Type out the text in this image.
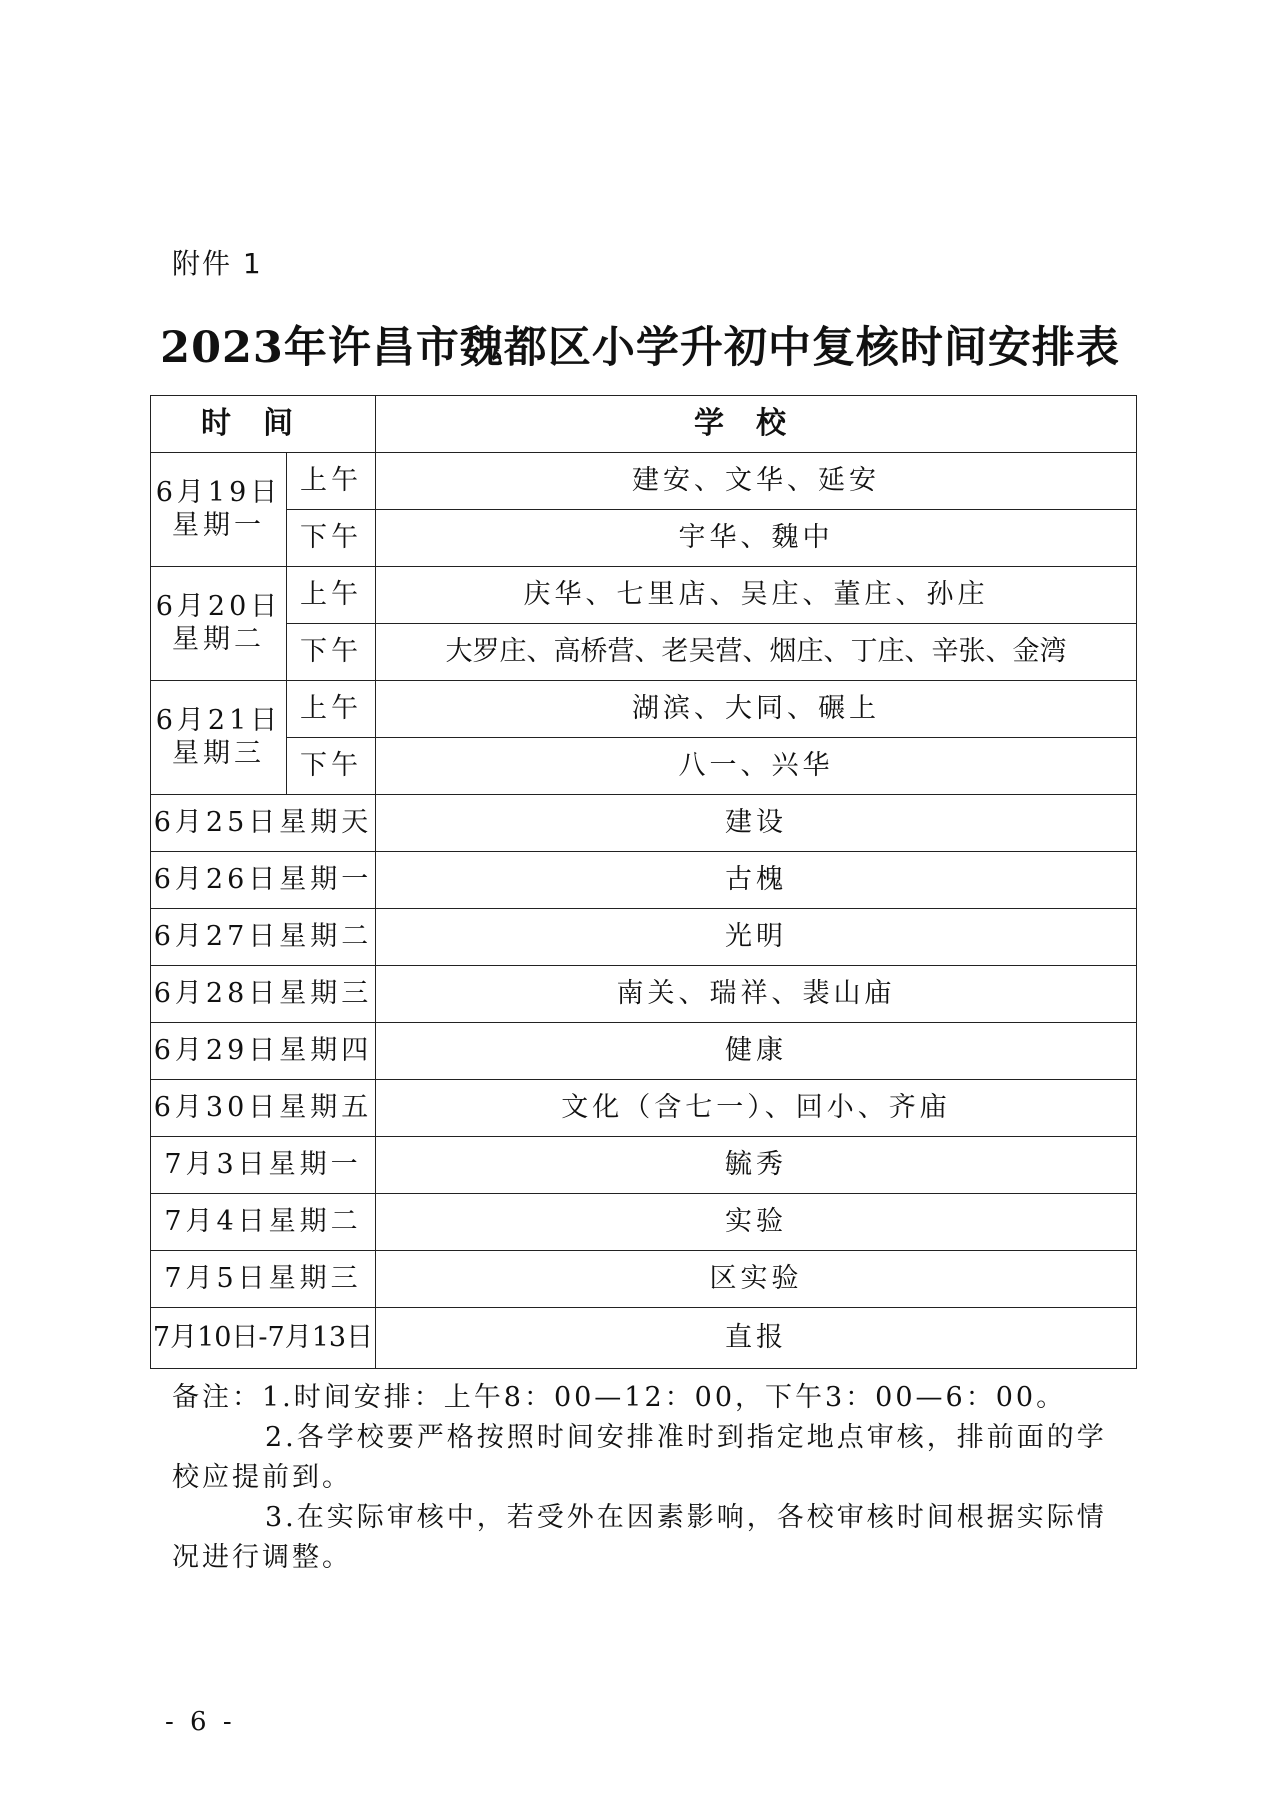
附件 1
2023年许昌市魏都区小学升初中复核时间安排表
时间		学校

6月19日
星期一	上午	建安、文华、延安
	下午	宇华、魏中

6月20日
星期二	上午	庆华、七里店、吴庄、董庄、孙庄
	下午	大罗庄、高桥营、老吴营、烟庄、丁庄、辛张、金湾

6月21日
星期三	上午	湖滨、大同、碾上
	下午	八一、兴华
6月25日星期天		建设
6月26日星期一		古槐
6月27日星期二		光明
6月28日星期三		南关、瑞祥、裴山庙
6月29日星期四		健康
6月30日星期五		文化（含七一）、回小、齐庙
7月3日星期一		毓秀
7月4日星期二		实验
7月5日星期三		区实验
7月10日-7月13日		直报
备注：1.时间安排：上午8：00—12：00，下午3：00—6：00。
2.各学校要严格按照时间安排准时到指定地点审核，排前面的学
校应提前到。
3.在实际审核中，若受外在因素影响，各校审核时间根据实际情
况进行调整。
- 6 -
